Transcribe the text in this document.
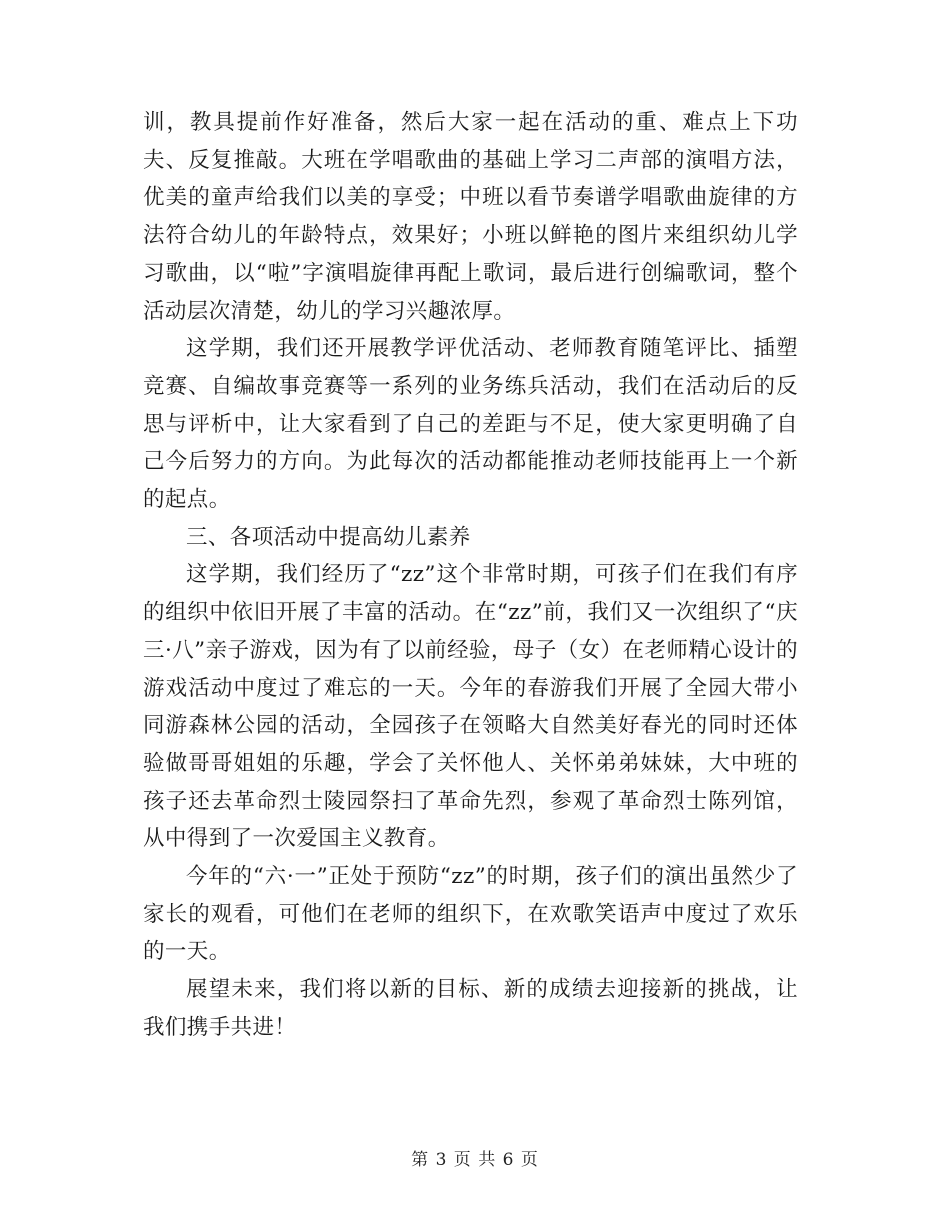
训，教具提前作好准备，然后大家一起在活动的重、难点上下功夫、反复推敲。大班在学唱歌曲的基础上学习二声部的演唱方法，优美的童声给我们以美的享受；中班以看节奏谱学唱歌曲旋律的方法符合幼儿的年龄特点，效果好；小班以鲜艳的图片来组织幼儿学习歌曲，以“啦”字演唱旋律再配上歌词，最后进行创编歌词，整个活动层次清楚，幼儿的学习兴趣浓厚。

这学期，我们还开展教学评优活动、老师教育随笔评比、插塑竞赛、自编故事竞赛等一系列的业务练兵活动，我们在活动后的反思与评析中，让大家看到了自己的差距与不足，使大家更明确了自己今后努力的方向。为此每次的活动都能推动老师技能再上一个新的起点。

三、各项活动中提高幼儿素养

这学期，我们经历了“zz”这个非常时期，可孩子们在我们有序的组织中依旧开展了丰富的活动。在“zz”前，我们又一次组织了“庆三·八”亲子游戏，因为有了以前经验，母子（女）在老师精心设计的游戏活动中度过了难忘的一天。今年的春游我们开展了全园大带小同游森林公园的活动，全园孩子在领略大自然美好春光的同时还体验做哥哥姐姐的乐趣，学会了关怀他人、关怀弟弟妹妹，大中班的孩子还去革命烈士陵园祭扫了革命先烈，参观了革命烈士陈列馆，从中得到了一次爱国主义教育。

今年的“六·一”正处于预防“zz”的时期，孩子们的演出虽然少了家长的观看，可他们在老师的组织下，在欢歌笑语声中度过了欢乐的一天。

展望未来，我们将以新的目标、新的成绩去迎接新的挑战，让我们携手共进！

第 3 页 共 6 页
